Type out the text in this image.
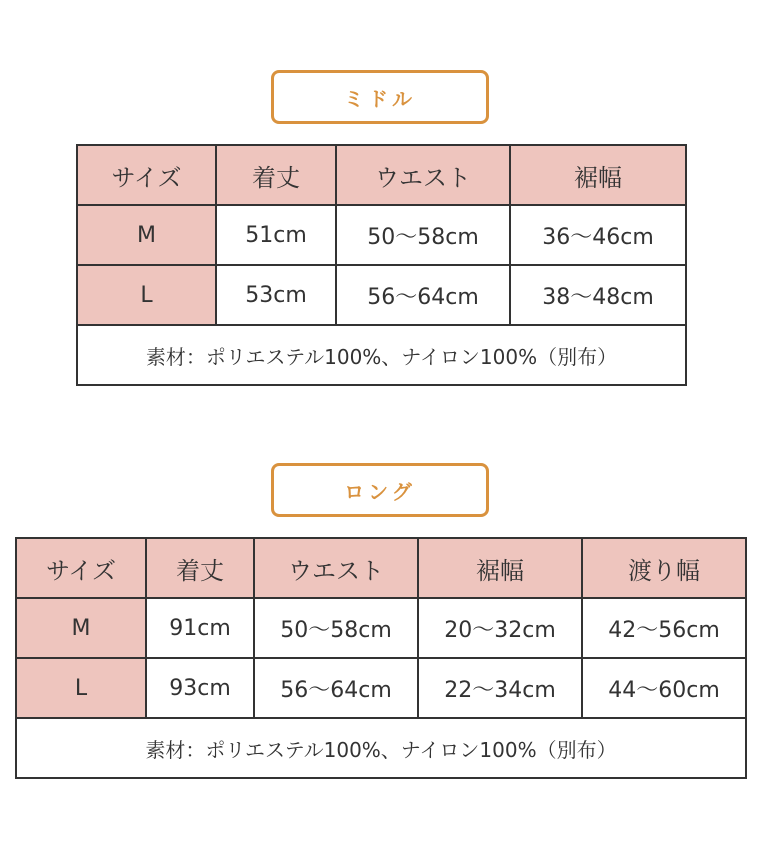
ミドル
サイズ	着丈	ウエスト	裾幅
M	51cm	50〜58cm	36〜46cm
L	53cm	56〜64cm	38〜48cm
素材：ポリエステル100%、ナイロン100%（別布）			
ロング
サイズ	着丈	ウエスト	裾幅	渡り幅
M	91cm	50〜58cm	20〜32cm	42〜56cm
L	93cm	56〜64cm	22〜34cm	44〜60cm
素材：ポリエステル100%、ナイロン100%（別布）				
